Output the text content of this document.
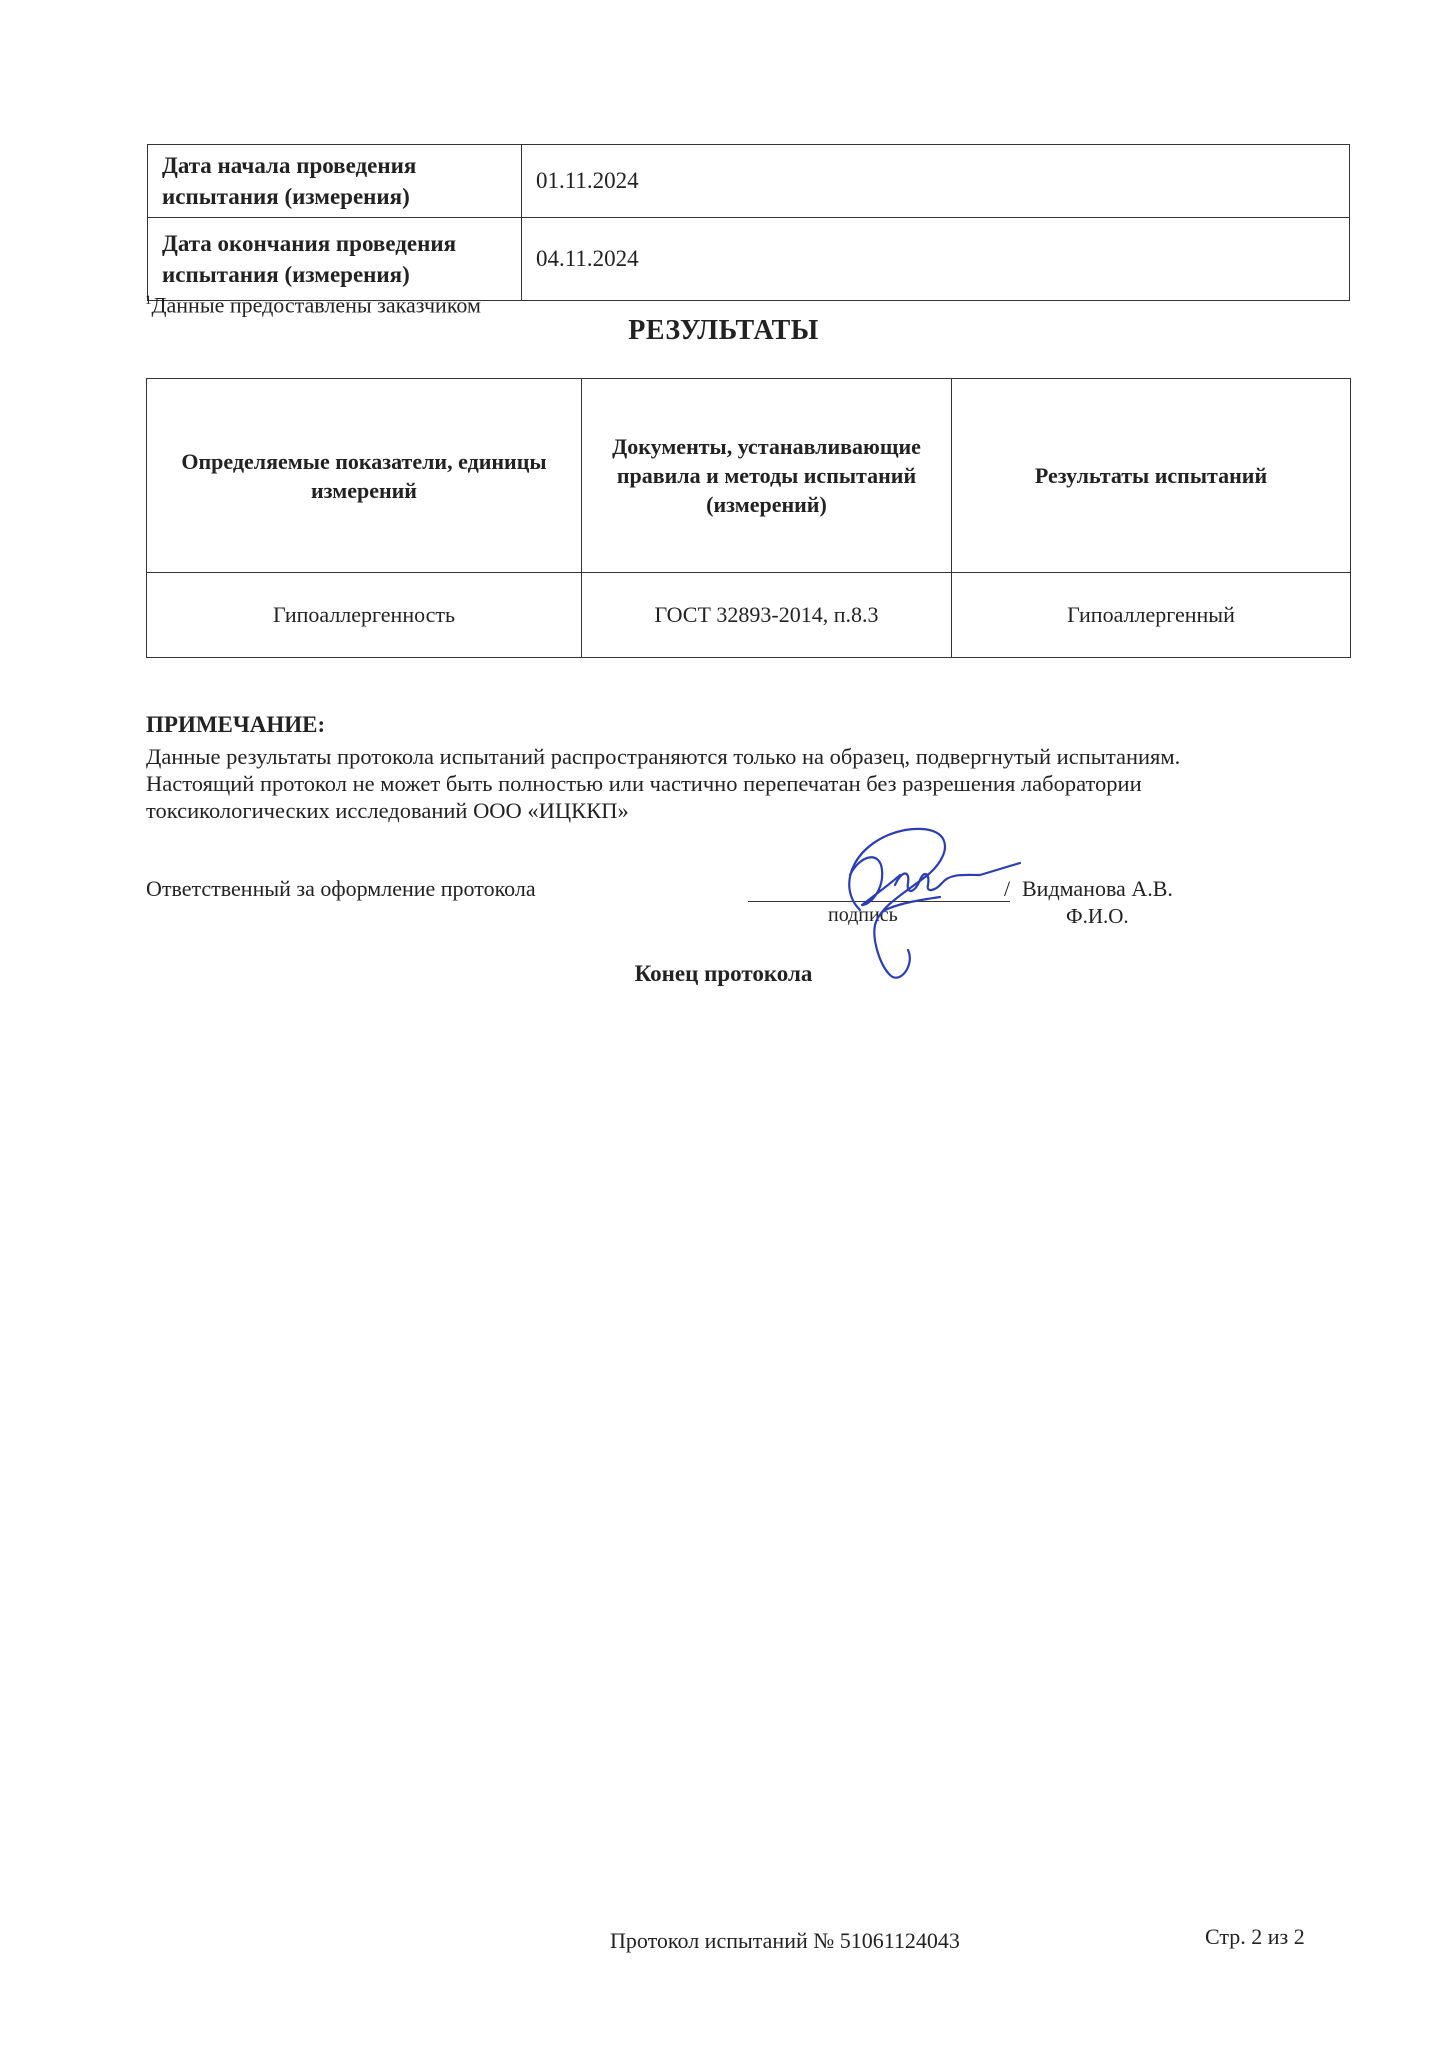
Дата начала проведения испытания (измерения)	01.11.2024
Дата окончания проведения испытания (измерения)	04.11.2024
$^1$Данные предоставлены заказчиком
РЕЗУЛЬТАТЫ
Определяемые показатели, единицы измерений	Документы, устанавливающие правила и методы испытаний (измерений)	Результаты испытаний
Гипоаллергенность	ГОСТ 32893-2014, п.8.3	Гипоаллергенный
ПРИМЕЧАНИЕ:
Данные результаты протокола испытаний распространяются только на образец, подвергнутый испытаниям.
Настоящий протокол не может быть полностью или частично перепечатан без разрешения лаборатории
токсикологических исследований ООО «ИЦККП»
Ответственный за оформление протокола	/ Видманова А.В.
подпись	Ф.И.О.
Конец протокола
Протокол испытаний № 51061124043	Стр. 2 из 2
